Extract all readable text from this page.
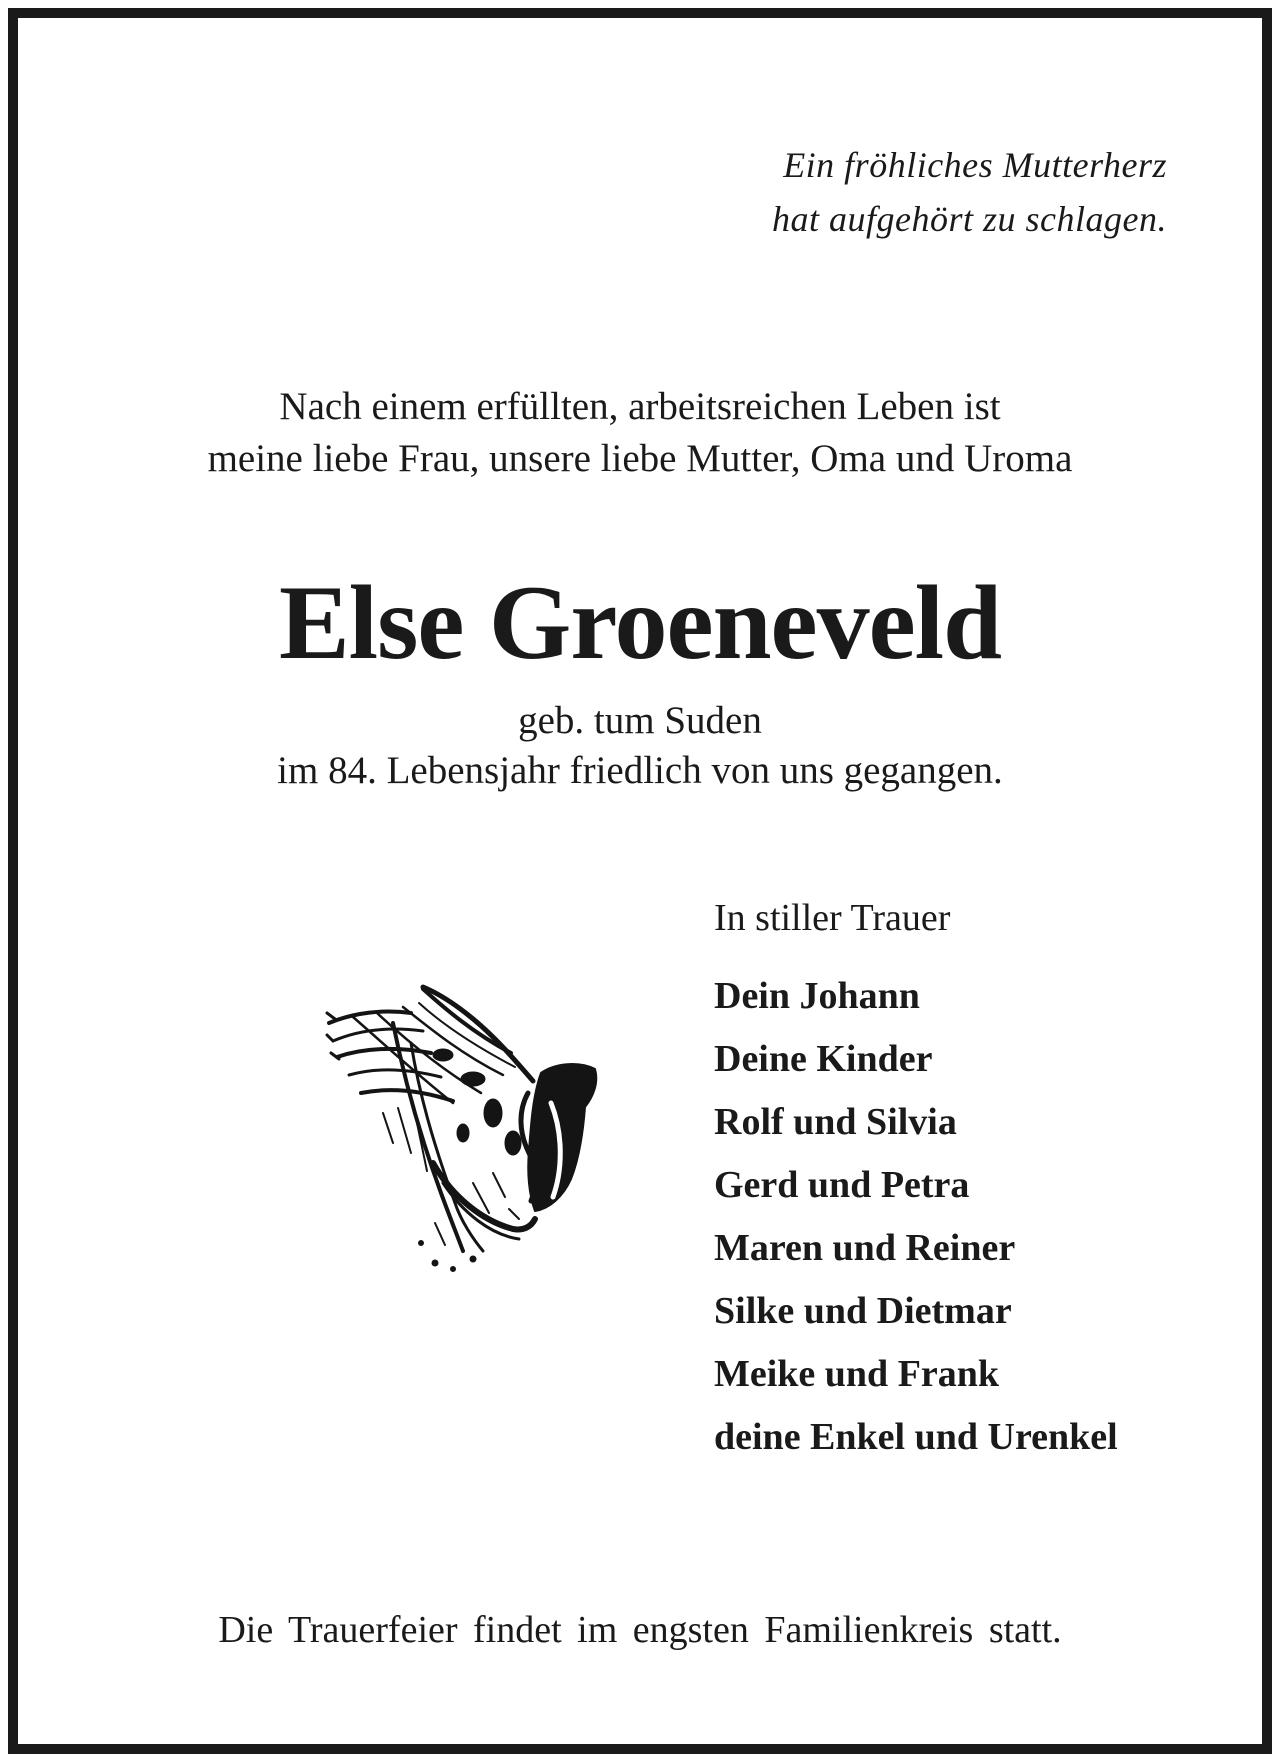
Ein fröhliches Mutterherz
hat aufgehört zu schlagen.
Nach einem erfüllten, arbeitsreichen Leben ist
meine liebe Frau, unsere liebe Mutter, Oma und Uroma
Else Groeneveld
geb. tum Suden
im 84. Lebensjahr friedlich von uns gegangen.
In stiller Trauer
Dein Johann
Deine Kinder
Rolf und Silvia
Gerd und Petra
Maren und Reiner
Silke und Dietmar
Meike und Frank
deine Enkel und Urenkel
Die Trauerfeier findet im engsten Familienkreis statt.
